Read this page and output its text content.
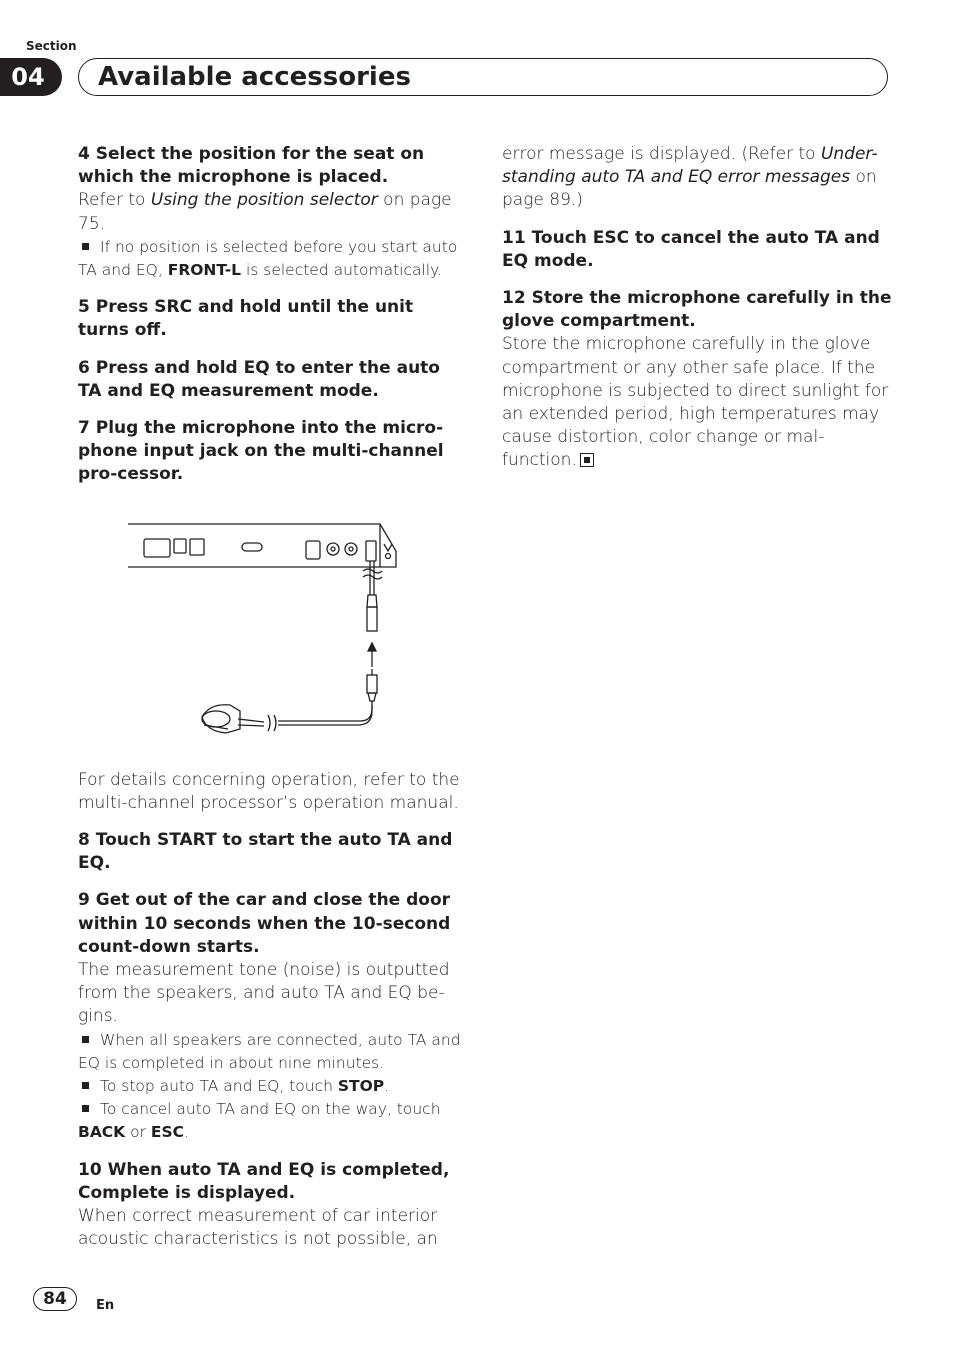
Section
04	Available accessories
4 Select the position for the seat on which the microphone is placed.
Refer to Using the position selector on page 75.
If no position is selected before you start auto TA and EQ, FRONT-L is selected automatically.
5 Press SRC and hold until the unit turns off.
6 Press and hold EQ to enter the auto TA and EQ measurement mode.
7 Plug the microphone into the micro-phone input jack on the multi-channel pro-cessor.
For details concerning operation, refer to the multi-channel processor’s operation manual.
8 Touch START to start the auto TA and EQ.
9 Get out of the car and close the door within 10 seconds when the 10-second count-down starts.
The measurement tone (noise) is outputted from the speakers, and auto TA and EQ be-gins.
When all speakers are connected, auto TA and EQ is completed in about nine minutes.
To stop auto TA and EQ, touch STOP.
To cancel auto TA and EQ on the way, touch BACK or ESC.
10 When auto TA and EQ is completed, Complete is displayed.
When correct measurement of car interior acoustic characteristics is not possible, an
error message is displayed. (Refer to Under-standing auto TA and EQ error messages on page 89.)
11 Touch ESC to cancel the auto TA and EQ mode.
12 Store the microphone carefully in the glove compartment.
Store the microphone carefully in the glove compartment or any other safe place. If the microphone is subjected to direct sunlight for an extended period, high temperatures may cause distortion, color change or mal-function.
84	En
